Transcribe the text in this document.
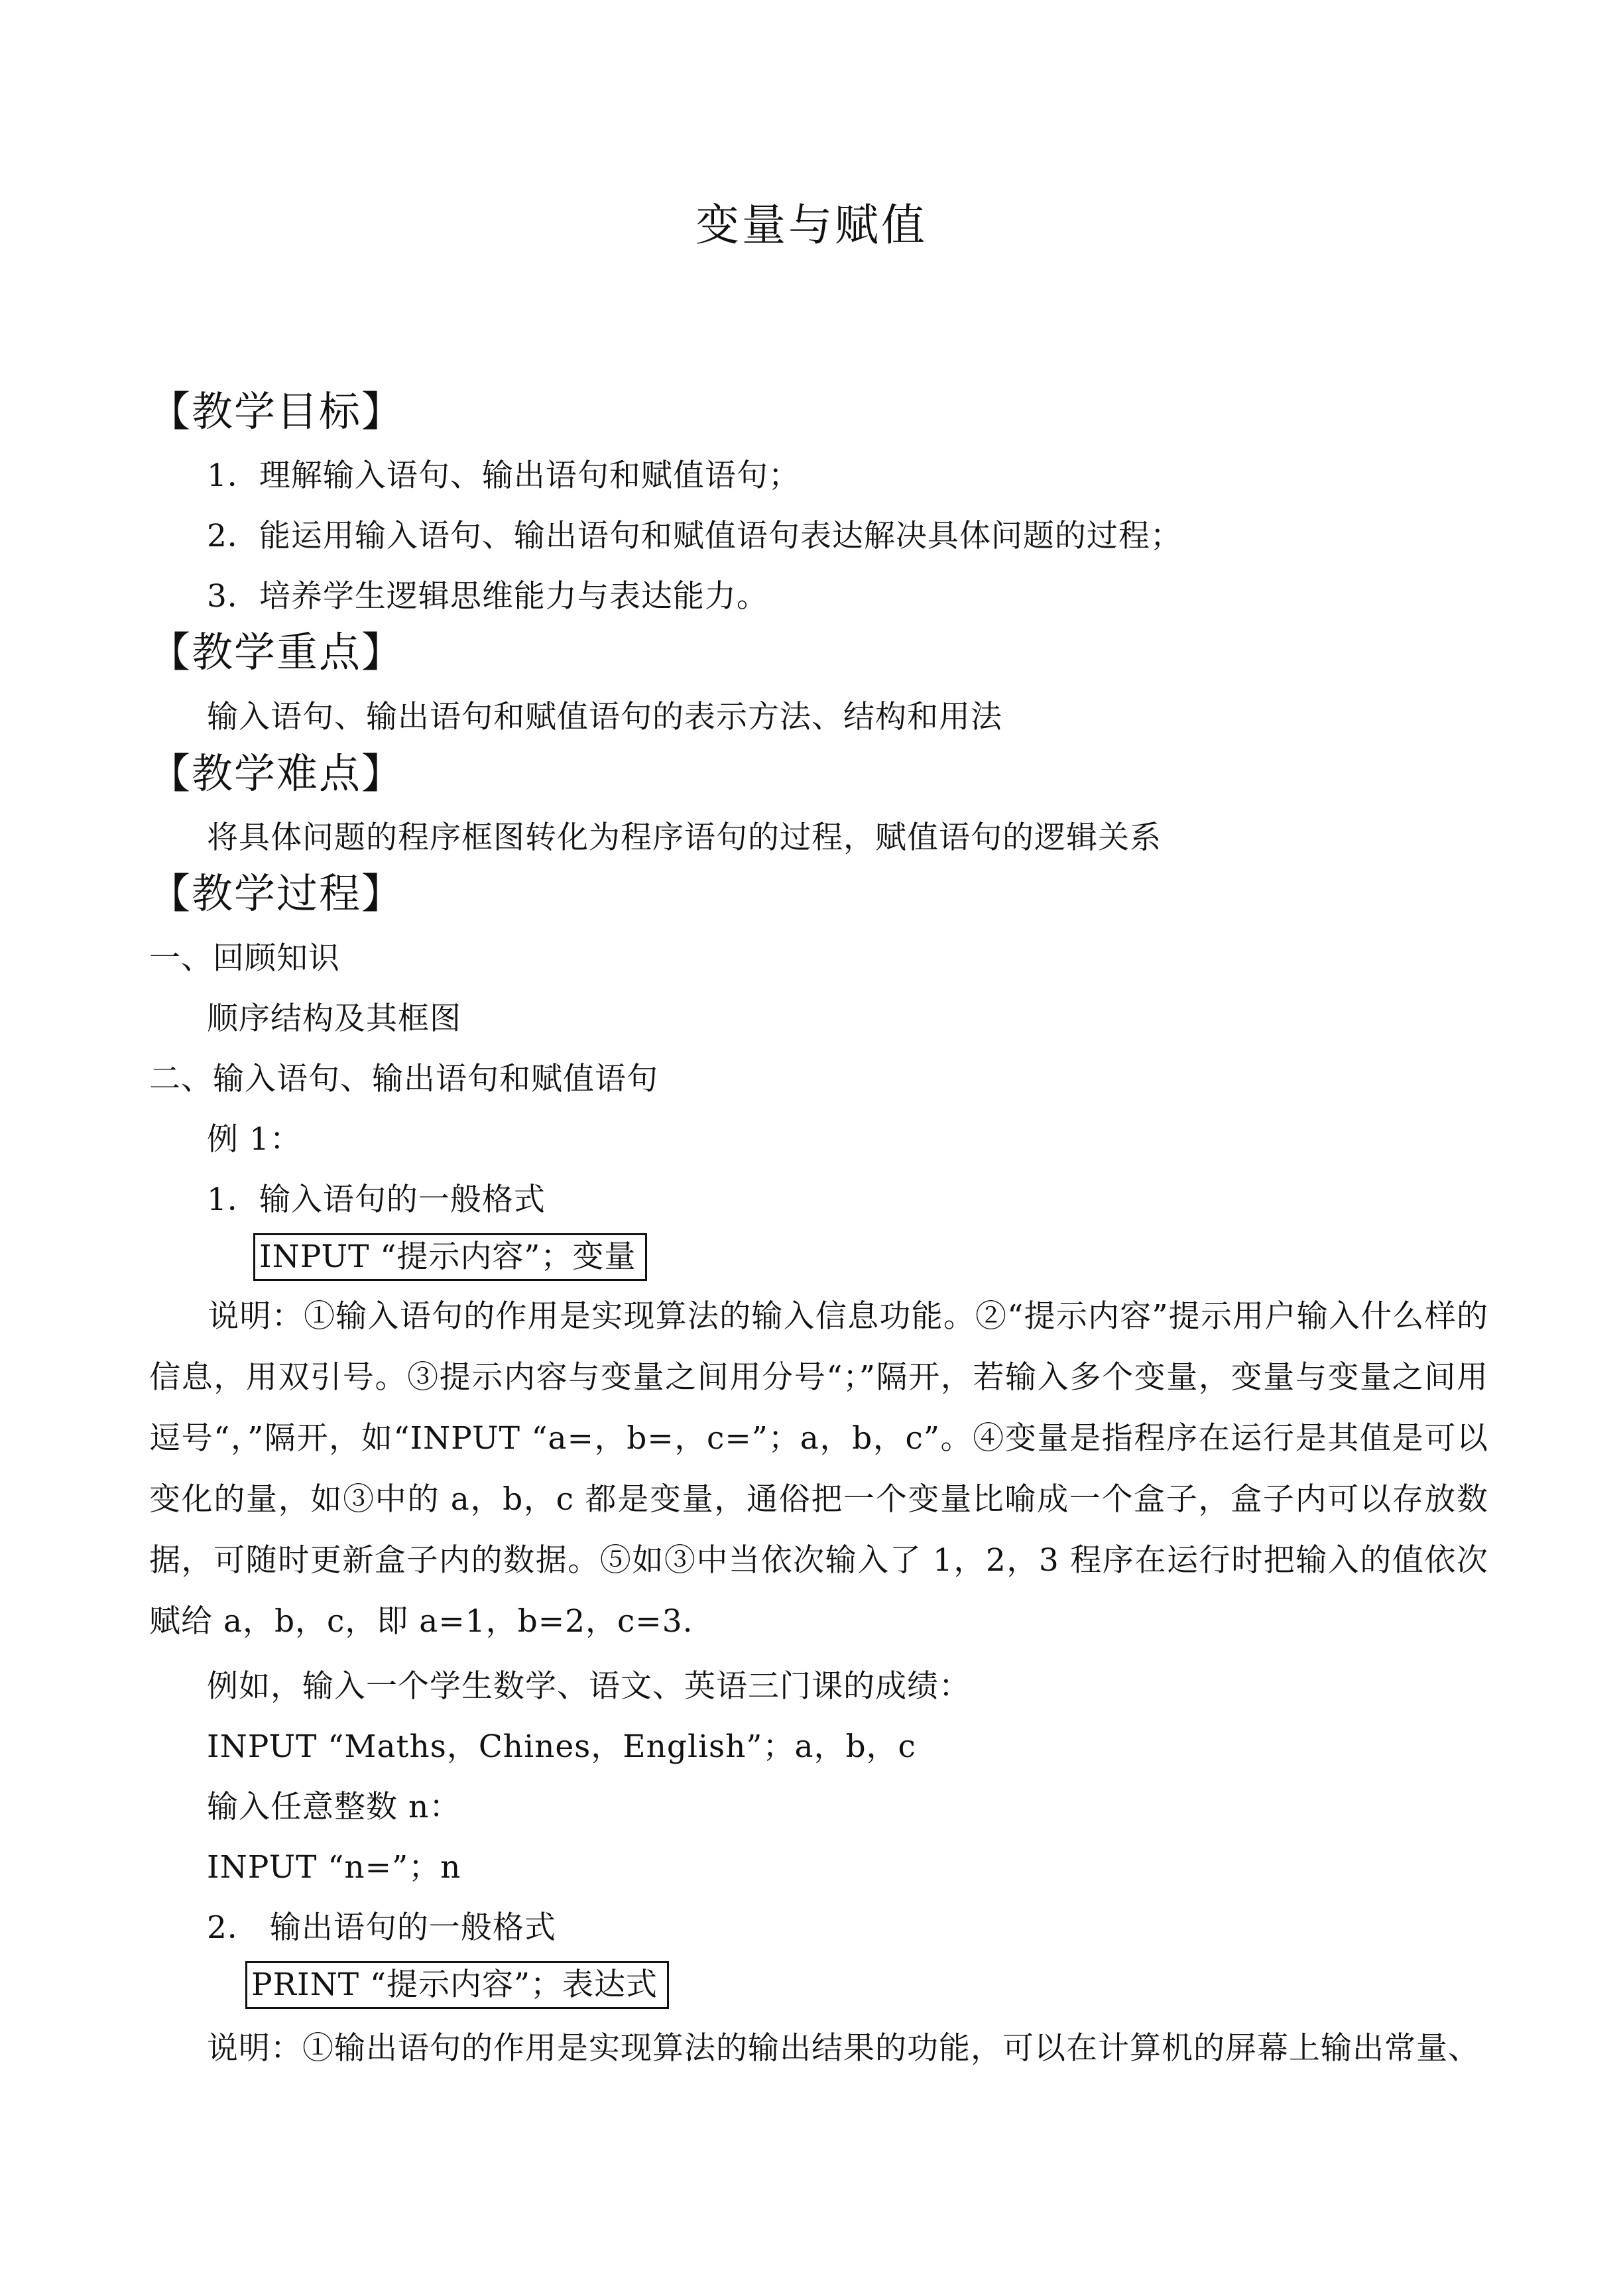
变量与赋值
【教学目标】
1．理解输入语句、输出语句和赋值语句；
2．能运用输入语句、输出语句和赋值语句表达解决具体问题的过程；
3．培养学生逻辑思维能力与表达能力。
【教学重点】
输入语句、输出语句和赋值语句的表示方法、结构和用法
【教学难点】
将具体问题的程序框图转化为程序语句的过程，赋值语句的逻辑关系
【教学过程】
一、回顾知识
顺序结构及其框图
二、输入语句、输出语句和赋值语句
例 1：
1．输入语句的一般格式
INPUT “提示内容”；变量
说明：①输入语句的作用是实现算法的输入信息功能。②“提示内容”提示用户输入什么样的信息，用双引号。③提示内容与变量之间用分号“；”隔开，若输入多个变量，变量与变量之间用逗号“，”隔开，如“INPUT “a=，b=，c=”；a，b，c”。④变量是指程序在运行是其值是可以变化的量，如③中的 a，b，c 都是变量，通俗把一个变量比喻成一个盒子，盒子内可以存放数据，可随时更新盒子内的数据。⑤如③中当依次输入了 1，2，3 程序在运行时把输入的值依次赋给 a，b，c，即 a=1，b=2，c=3.
例如，输入一个学生数学、语文、英语三门课的成绩：
INPUT “Maths，Chines，English”；a，b，c
输入任意整数 n：
INPUT “n=”；n
2． 输出语句的一般格式
PRINT “提示内容”；表达式
说明：①输出语句的作用是实现算法的输出结果的功能，可以在计算机的屏幕上输出常量、
